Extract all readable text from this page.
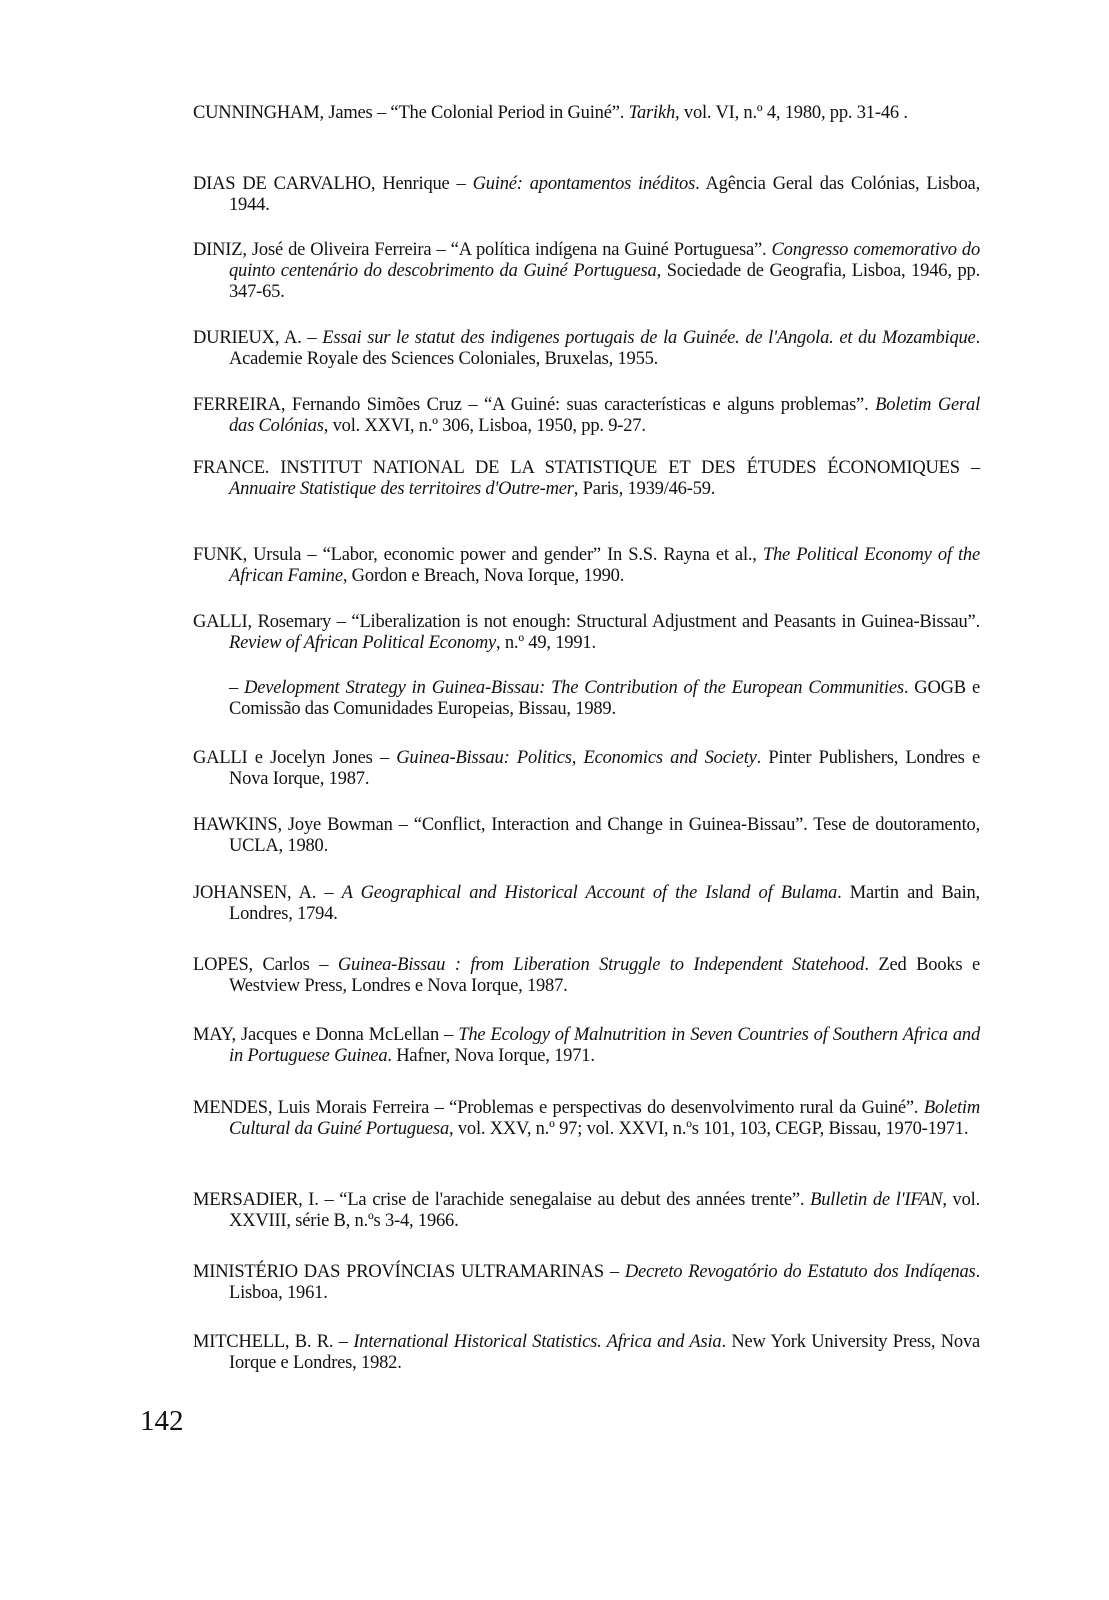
CUNNINGHAM, James – “The Colonial Period in Guiné”. Tarikh, vol. VI, n.º 4, 1980, pp. 31-46 .
DIAS DE CARVALHO, Henrique – Guiné: apontamentos inéditos. Agência Geral das Colónias, Lisboa, 1944.
DINIZ, José de Oliveira Ferreira – “A política indígena na Guiné Portuguesa”. Congresso comemorativo do quinto centenário do descobrimento da Guiné Portuguesa, Sociedade de Geografia, Lisboa, 1946, pp. 347-65.
DURIEUX, A. – Essai sur le statut des indigenes portugais de la Guinée. de l'Angola. et du Mozambique. Academie Royale des Sciences Coloniales, Bruxelas, 1955.
FERREIRA, Fernando Simões Cruz – “A Guiné: suas características e alguns problemas”. Boletim Geral das Colónias, vol. XXVI, n.º 306, Lisboa, 1950, pp. 9-27.
FRANCE. INSTITUT NATIONAL DE LA STATISTIQUE ET DES ÉTUDES ÉCONOMIQUES – Annuaire Statistique des territoires d'Outre-mer, Paris, 1939/46-59.
FUNK, Ursula – “Labor, economic power and gender” In S.S. Rayna et al., The Political Economy of the African Famine, Gordon e Breach, Nova Iorque, 1990.
GALLI, Rosemary – “Liberalization is not enough: Structural Adjustment and Peasants in Guinea-Bissau”. Review of African Political Economy, n.º 49, 1991.
– Development Strategy in Guinea-Bissau: The Contribution of the European Communities. GOGB e Comissão das Comunidades Europeias, Bissau, 1989.
GALLI e Jocelyn Jones – Guinea-Bissau: Politics, Economics and Society. Pinter Publishers, Londres e Nova Iorque, 1987.
HAWKINS, Joye Bowman – “Conflict, Interaction and Change in Guinea-Bissau”. Tese de doutoramento, UCLA, 1980.
JOHANSEN, A. – A Geographical and Historical Account of the Island of Bulama. Martin and Bain, Londres, 1794.
LOPES, Carlos – Guinea-Bissau : from Liberation Struggle to Independent Statehood. Zed Books e Westview Press, Londres e Nova Iorque, 1987.
MAY, Jacques e Donna McLellan – The Ecology of Malnutrition in Seven Countries of Southern Africa and in Portuguese Guinea. Hafner, Nova Iorque, 1971.
MENDES, Luis Morais Ferreira – “Problemas e perspectivas do desenvolvimento rural da Guiné”. Boletim Cultural da Guiné Portuguesa, vol. XXV, n.º 97; vol. XXVI, n.ºs 101, 103, CEGP, Bissau, 1970-1971.
MERSADIER, I. – “La crise de l'arachide senegalaise au debut des années trente”. Bulletin de l'IFAN, vol. XXVIII, série B, n.ºs 3-4, 1966.
MINISTÉRIO DAS PROVÍNCIAS ULTRAMARINAS – Decreto Revogatório do Estatuto dos Indíqenas. Lisboa, 1961.
MITCHELL, B. R. – International Historical Statistics. Africa and Asia. New York University Press, Nova Iorque e Londres, 1982.
142
